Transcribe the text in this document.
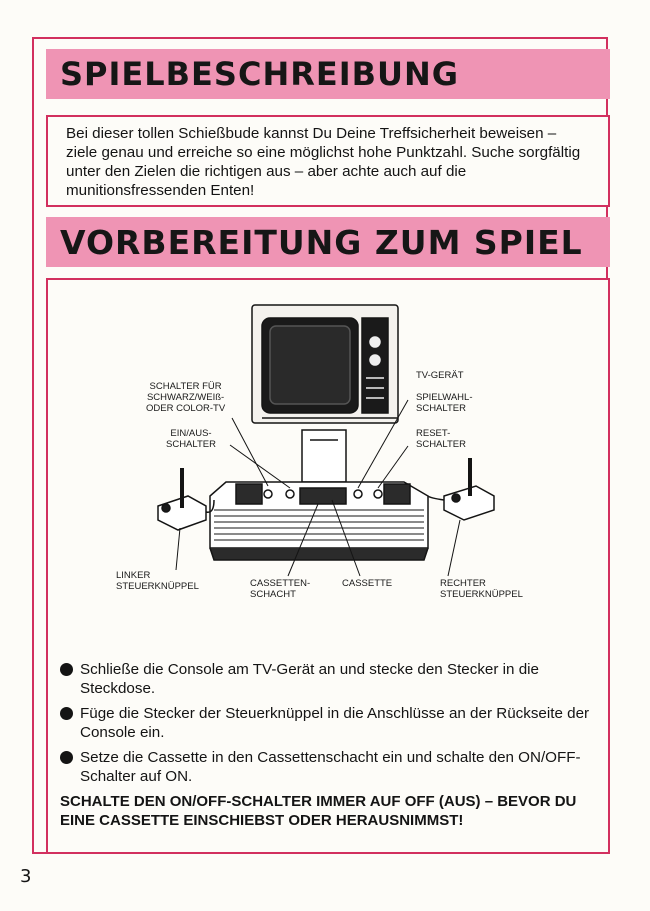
SPIELBESCHREIBUNG

Bei dieser tollen Schießbude kannst Du Deine Treffsicherheit beweisen – ziele genau und erreiche so eine möglichst hohe Punktzahl. Suche sorgfältig unter den Zielen die richtigen aus – aber achte auch auf die munitionsfressenden Enten!

VORBEREITUNG ZUM SPIEL
SCHALTER FÜR
SCHWARZ/WEIß-
ODER COLOR-TV
EIN/AUS-
SCHALTER
TV-GERÄT
SPIELWAHL-
SCHALTER
RESET-
SCHALTER
LINKER
STEUERKNÜPPEL	CASSETTEN-
SCHACHT
CASSETTE	RECHTER
STEUERKNÜPPEL
Schließe die Console am TV-Gerät an und stecke den Stecker in die Steckdose.
Füge die Stecker der Steuerknüppel in die Anschlüsse an der Rückseite der Console ein.
Setze die Cassette in den Cassettenschacht ein und schalte den ON/OFF-Schalter auf ON.

SCHALTE DEN ON/OFF-SCHALTER IMMER AUF OFF (AUS) – BEVOR DU EINE CASSETTE EINSCHIEBST ODER HERAUSNIMMST!

3
